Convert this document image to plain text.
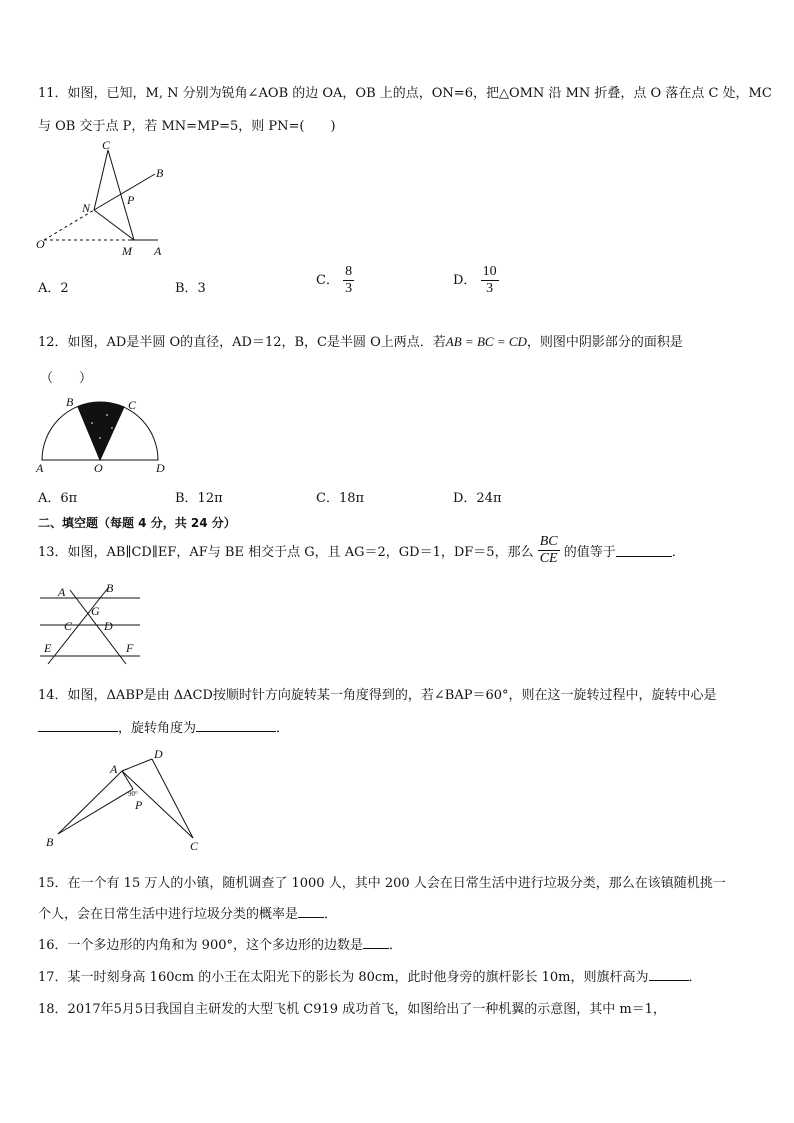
11．如图，已知，M, N 分别为锐角∠AOB 的边 OA，OB 上的点，ON=6，把△OMN 沿 MN 折叠，点 O 落在点 C 处，MC
与 OB 交于点 P，若 MN=MP=5，则 PN=(　　)
C
B
N
P
O	M A
A．2	B．3
C． $\frac{8}{3}$	D． $\frac{10}{3}$
12．如图，AD是半圆 O的直径，AD＝12，B，C是半圆 O上两点．若AB = BC = CD，则图中阴影部分的面积是
（　　）
B	C
A	O	D
A．6π	B．12π	C．18π	D．24π
二、填空题（每题 4 分，共 24 分）
13．如图，AB∥CD∥EF，AF与 BE 相交于点 G，且 AG＝2，GD＝1，DF＝5，那么 $\frac{BC}{CE}$ 的值等于	．
A	B
G
C	D
E	F
14．如图，ΔABP是由 ΔACD按顺时针方向旋转某一角度得到的，若∠BAP＝60°，则在这一旋转过程中，旋转中心是
，旋转角度为	．
A
D
90°
P
B	C
15．在一个有 15 万人的小镇，随机调查了 1000 人，其中 200 人会在日常生活中进行垃圾分类，那么在该镇随机挑一
个人，会在日常生活中进行垃圾分类的概率是 ．
16．一个多边形的内角和为 900°，这个多边形的边数是 ．
17．某一时刻身高 160cm 的小王在太阳光下的影长为 80cm，此时他身旁的旗杆影长 10m，则旗杆高为	．
18．2017年5月5日我国自主研发的大型飞机 C919 成功首飞，如图给出了一种机翼的示意图，其中 m＝1，
